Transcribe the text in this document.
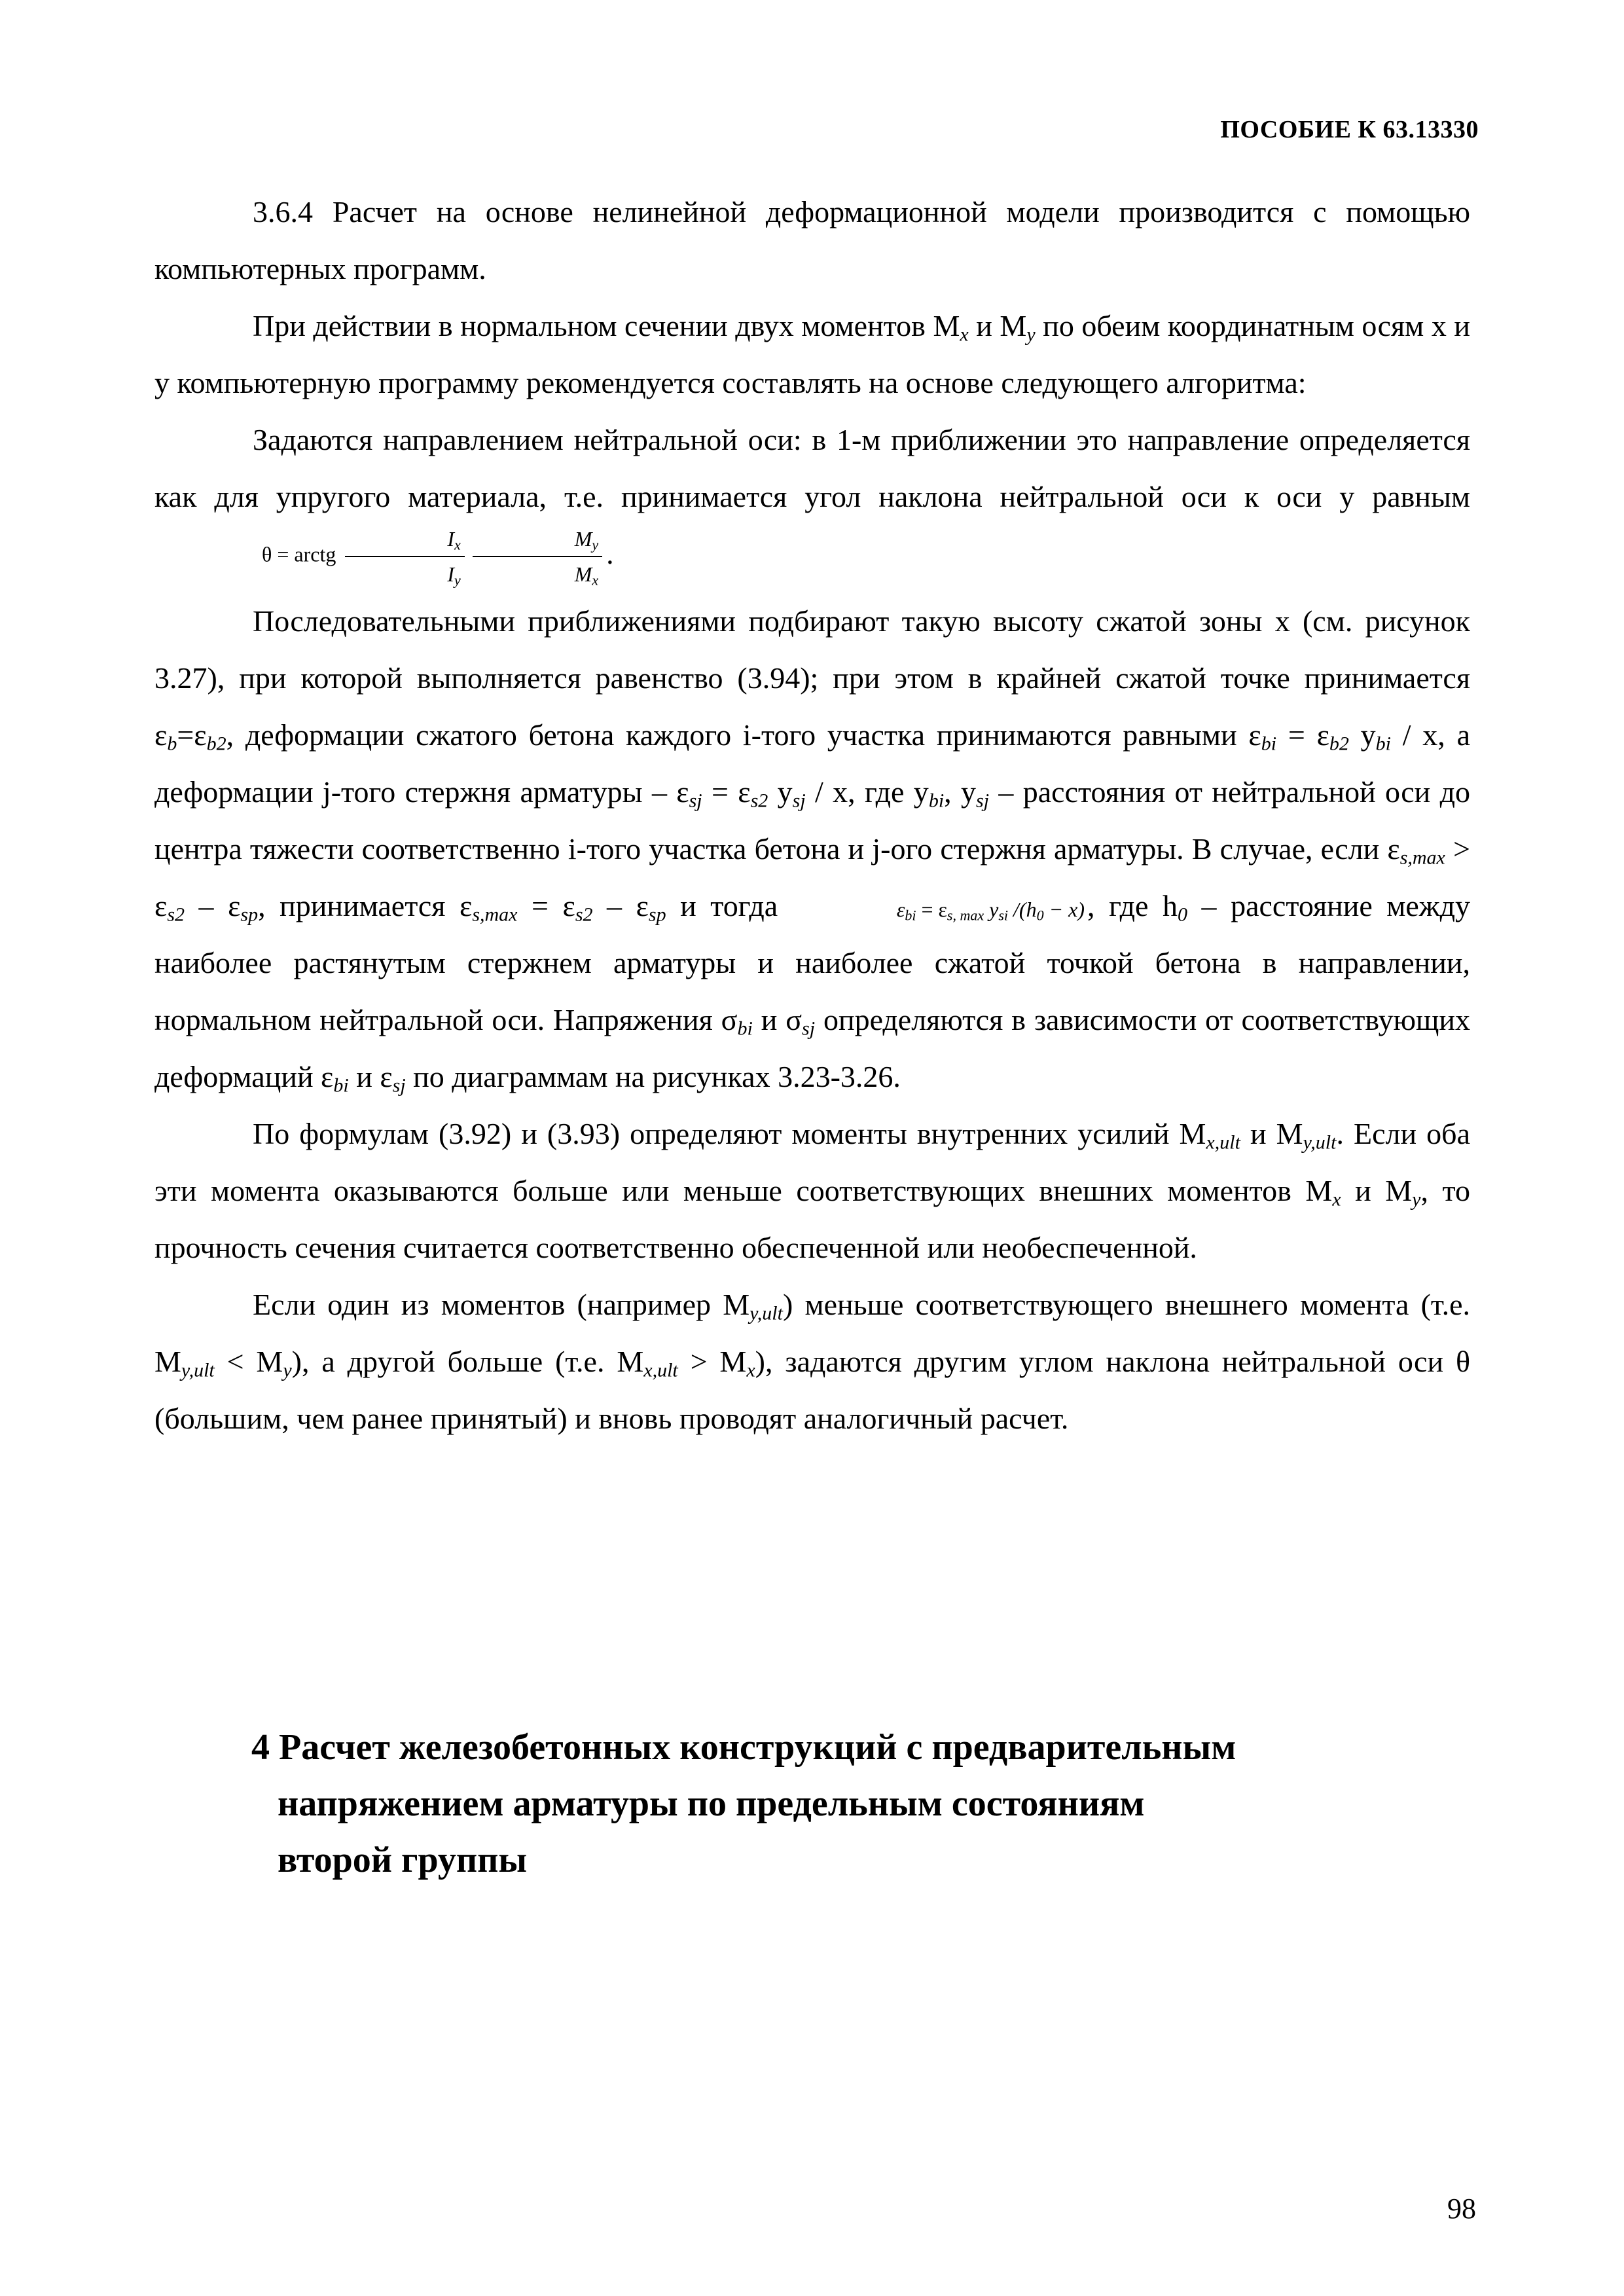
ПОСОБИЕ К 63.13330

3.6.4 Расчет на основе нелинейной деформационной модели производится с помощью компьютерных программ.

При действии в нормальном сечении двух моментов $M_x$ и $M_y$ по обеим координатным осям x и y компьютерную программу рекомендуется составлять на основе следующего алгоритма:

Задаются направлением нейтральной оси: в 1-м приближении это направление определяется как для упругого материала, т.е. принимается угол наклона нейтральной оси к оси у равным θ = arctg $\frac{I_x}{I_y} \frac{M_y}{M_x}$ .

Последовательными приближениями подбирают такую высоту сжатой зоны x (см. рисунок 3.27), при которой выполняется равенство (3.94); при этом в крайней сжатой точке принимается $\varepsilon_b=\varepsilon_{b2}$, деформации сжатого бетона каждого i-того участка принимаются равными $\varepsilon_{bi} = \varepsilon_{b2}$ $y_{bi}$ / x, а деформации j-того стержня арматуры – $\varepsilon_{sj} = \varepsilon_{s2}$ $y_{sj}$ / x, где $y_{bi}$, $y_{sj}$ – расстояния от нейтральной оси до центра тяжести соответственно i-того участка бетона и j-ого стержня арматуры. В случае, если $\varepsilon_{s,max} > \varepsilon_{s2} - \varepsilon_{sp}$, принимается $\varepsilon_{s,max} = \varepsilon_{s2} - \varepsilon_{sp}$ и тогда	$\varepsilon_{bi} = \varepsilon_{s, max}$ $y_{si}$ $/(h_0 - x)$, где $h_0$ – расстояние между наиболее растянутым стержнем арматуры и наиболее сжатой точкой бетона в направлении, нормальном нейтральной оси. Напряжения $\sigma_{bi}$ и $\sigma_{sj}$ определяются в зависимости от соответствующих деформаций $\varepsilon_{bi}$ и $\varepsilon_{sj}$ по диаграммам на рисунках 3.23-3.26.

По формулам (3.92) и (3.93) определяют моменты внутренних усилий $M_{x,ult}$ и $M_{y,ult}$. Если оба эти момента оказываются больше или меньше соответствующих внешних моментов $M_x$ и $M_y$, то прочность сечения считается соответственно обеспеченной или необеспеченной.

Если один из моментов (например $M_{y,ult}$) меньше соответствующего внешнего момента (т.е. $M_{y,ult} < M_y$), а другой больше (т.е. $M_{x,ult} > M_x$), задаются другим углом наклона нейтральной оси θ (большим, чем ранее принятый) и вновь проводят аналогичный расчет.

4 Расчет железобетонных конструкций с предварительным
напряжением арматуры по предельным состояниям
второй группы
98
